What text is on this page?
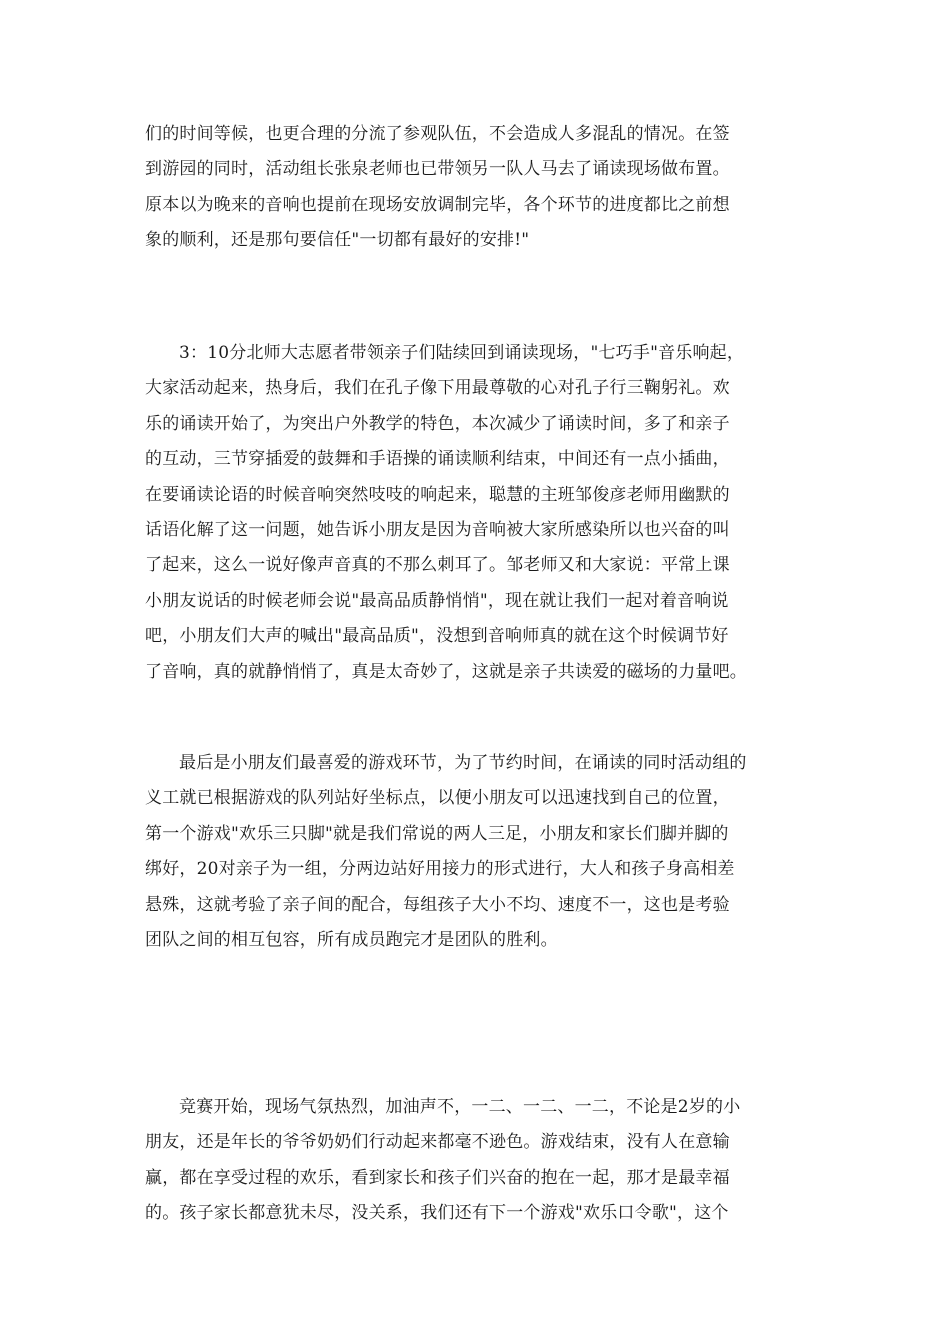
们的时间等候，也更合理的分流了参观队伍，不会造成人多混乱的情况。在签
到游园的同时，活动组长张泉老师也已带领另一队人马去了诵读现场做布置。
原本以为晚来的音响也提前在现场安放调制完毕，各个环节的进度都比之前想
象的顺利，还是那句要信任"一切都有最好的安排!"

3：10分北师大志愿者带领亲子们陆续回到诵读现场，"七巧手"音乐响起，
大家活动起来，热身后，我们在孔子像下用最尊敬的心对孔子行三鞠躬礼。欢
乐的诵读开始了，为突出户外教学的特色，本次减少了诵读时间，多了和亲子
的互动，三节穿插爱的鼓舞和手语操的诵读顺利结束，中间还有一点小插曲，
在要诵读论语的时候音响突然吱吱的响起来，聪慧的主班邹俊彦老师用幽默的
话语化解了这一问题，她告诉小朋友是因为音响被大家所感染所以也兴奋的叫
了起来，这么一说好像声音真的不那么刺耳了。邹老师又和大家说：平常上课
小朋友说话的时候老师会说"最高品质静悄悄"，现在就让我们一起对着音响说
吧，小朋友们大声的喊出"最高品质"，没想到音响师真的就在这个时候调节好
了音响，真的就静悄悄了，真是太奇妙了，这就是亲子共读爱的磁场的力量吧。

最后是小朋友们最喜爱的游戏环节，为了节约时间，在诵读的同时活动组的
义工就已根据游戏的队列站好坐标点，以便小朋友可以迅速找到自己的位置，
第一个游戏"欢乐三只脚"就是我们常说的两人三足，小朋友和家长们脚并脚的
绑好，20对亲子为一组，分两边站好用接力的形式进行，大人和孩子身高相差
悬殊，这就考验了亲子间的配合，每组孩子大小不均、速度不一，这也是考验
团队之间的相互包容，所有成员跑完才是团队的胜利。

竞赛开始，现场气氛热烈，加油声不，一二、一二、一二，不论是2岁的小
朋友，还是年长的爷爷奶奶们行动起来都毫不逊色。游戏结束，没有人在意输
赢，都在享受过程的欢乐，看到家长和孩子们兴奋的抱在一起，那才是最幸福
的。孩子家长都意犹未尽，没关系，我们还有下一个游戏"欢乐口令歌"，这个
